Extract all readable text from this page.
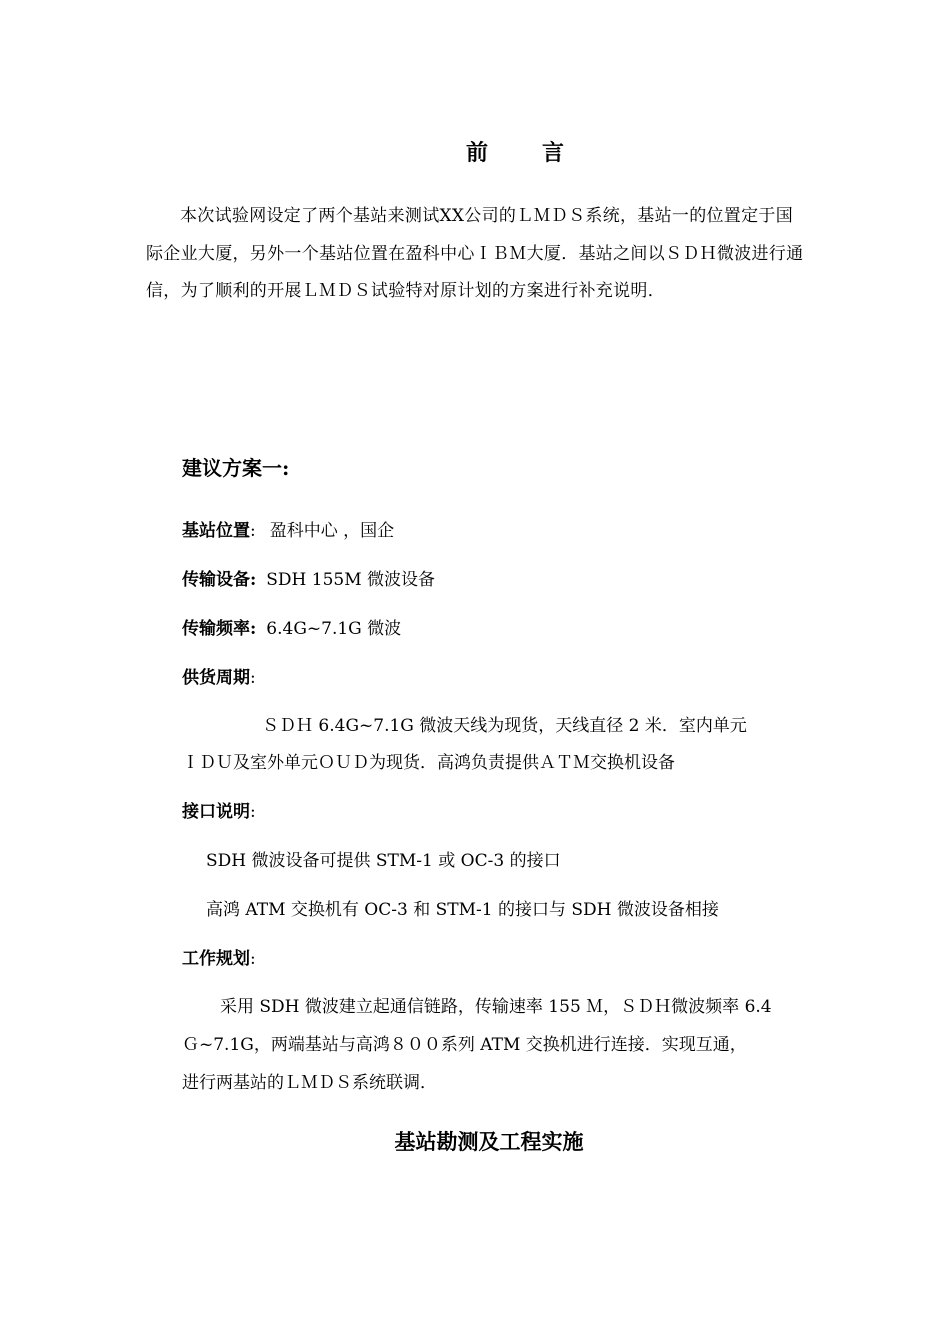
前 言

本次试验网设定了两个基站来测试XX公司的ＬＭＤＳ系统，基站一的位置定于国际企业大厦，另外一个基站位置在盈科中心ＩＢＭ大厦．基站之间以ＳＤＨ微波进行通信，为了顺利的开展ＬＭＤＳ试验特对原计划的方案进行补充说明．

建议方案一:
基站位置: 盈科中心 ，国企
传输设备: SDH 155M 微波设备
传输频率: 6.4G~7.1G 微波
供货周期:
ＳＤＨ 6.4G~7.1G 微波天线为现货，天线直径 2 米．室内单元
ＩＤＵ及室外单元ＯＵＤ为现货．高鸿负责提供ＡＴＭ交换机设备
接口说明:
SDH 微波设备可提供 STM-1 或 OC-3 的接口
高鸿 ATM 交换机有 OC-3 和 STM-1 的接口与 SDH 微波设备相接
工作规划:
采用 SDH 微波建立起通信链路，传输速率 155 Ｍ，ＳＤＨ微波频率 6.4
Ｇ~7.1G，两端基站与高鸿８００系列 ATM 交换机进行连接．实现互通，
进行两基站的ＬＭＤＳ系统联调．
基站勘测及工程实施
